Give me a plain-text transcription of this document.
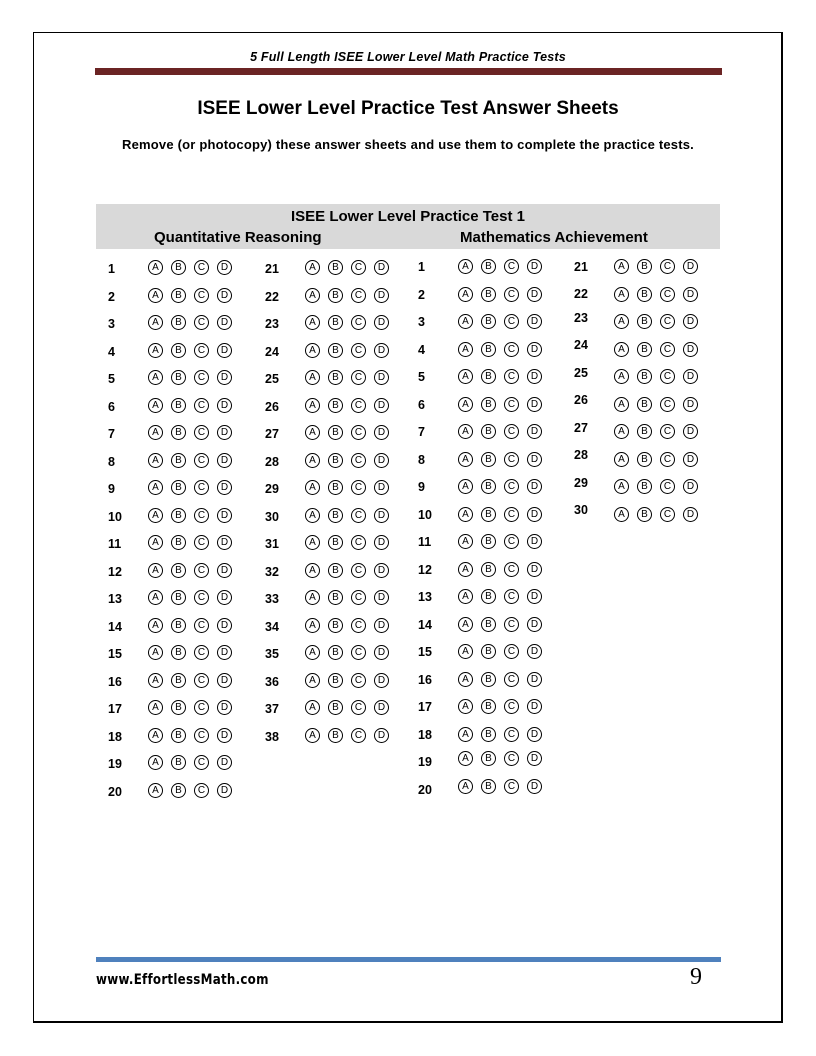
5 Full Length ISEE Lower Level Math Practice Tests
ISEE Lower Level Practice Test Answer Sheets
Remove (or photocopy) these answer sheets and use them to complete the practice tests.
ISEE Lower Level Practice Test 1
Quantitative Reasoning	Mathematics Achievement
1	A	B	C	D
2	A	B	C	D
3	A	B	C	D
4	A	B	C	D
5	A	B	C	D
6	A	B	C	D
7	A	B	C	D
8	A	B	C	D
9	A	B	C	D
10	A	B	C	D
11	A	B	C	D
12	A	B	C	D
13	A	B	C	D
14	A	B	C	D
15	A	B	C	D
16	A	B	C	D
17	A	B	C	D
18	A	B	C	D
19	A	B	C	D
20	A	B	C	D
21	A	B	C	D
22	A	B	C	D
23	A	B	C	D
24	A	B	C	D
25	A	B	C	D
26	A	B	C	D
27	A	B	C	D
28	A	B	C	D
29	A	B	C	D
30	A	B	C	D
31	A	B	C	D
32	A	B	C	D
33	A	B	C	D
34	A	B	C	D
35	A	B	C	D
36	A	B	C	D
37	A	B	C	D
38	A	B	C	D
1	A	B	C	D
2	A	B	C	D
3	A	B	C	D
4	A	B	C	D
5	A	B	C	D
6	A	B	C	D
7	A	B	C	D
8	A	B	C	D
9	A	B	C	D
10	A	B	C	D
11	A	B	C	D
12	A	B	C	D
13	A	B	C	D
14	A	B	C	D
15	A	B	C	D
16	A	B	C	D
17	A	B	C	D
18	A	B	C	D
19	A	B	C	D
20	A	B	C	D
21	A	B	C	D
22	A	B	C	D
23	A	B	C	D
24	A	B	C	D
25	A	B	C	D
26	A	B	C	D
27	A	B	C	D
28	A	B	C	D
29	A	B	C	D
30	A	B	C	D
www.EffortlessMath.com	9
